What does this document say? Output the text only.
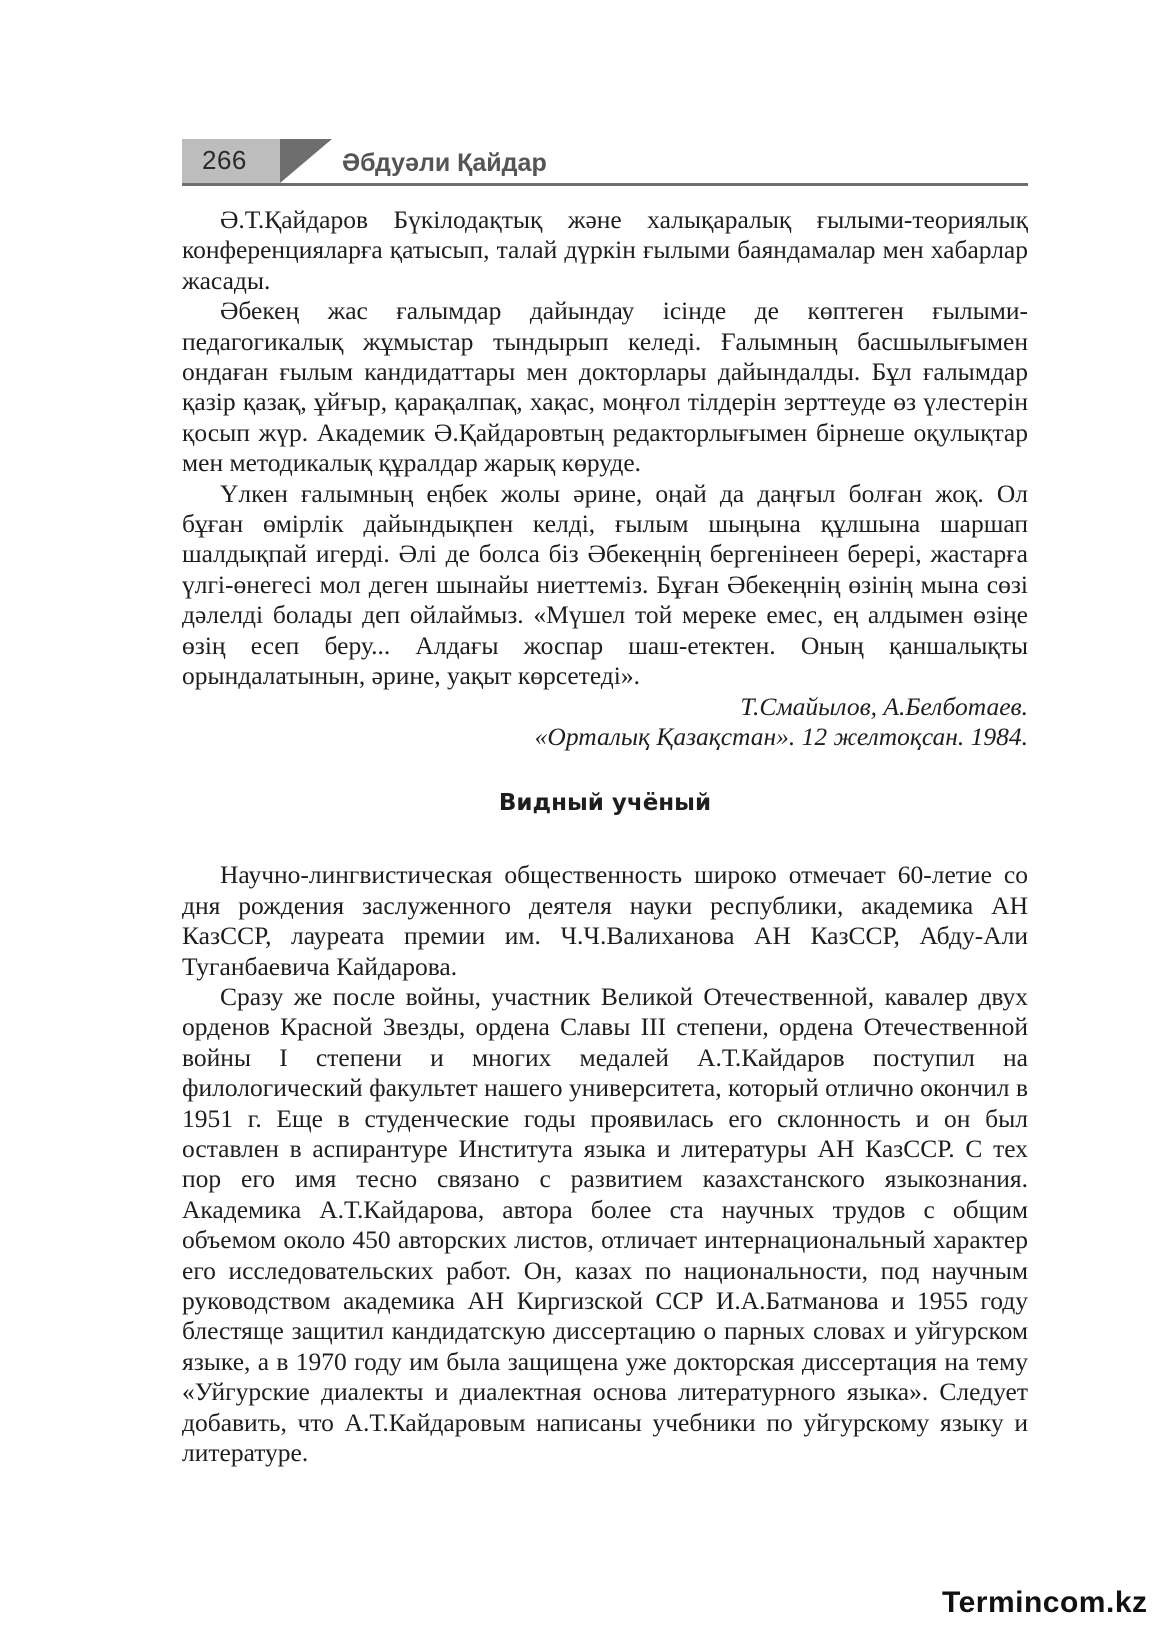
266	Әбдуәли Қайдар

Ә.Т.Қайдаров Бүкілодақтық және халықаралық ғылыми-теориялық конференцияларға қатысып, талай дүркін ғылыми баяндамалар мен хабарлар жасады.

Әбекең жас ғалымдар дайындау ісінде де көптеген ғылыми-педагогикалық жұмыстар тындырып келеді. Ғалымның басшылығымен ондаған ғылым кандидаттары мен докторлары дайындалды. Бұл ғалымдар қазір қазақ, ұйғыр, қарақалпақ, хақас, моңғол тілдерін зерттеуде өз үлестерін қосып жүр. Академик Ә.Қайдаровтың редакторлығымен бірнеше оқулықтар мен методикалық құралдар жарық көруде.

Үлкен ғалымның еңбек жолы әрине, оңай да даңғыл болған жоқ. Ол бұған өмірлік дайындықпен келді, ғылым шыңына құлшына шаршап шалдықпай игерді. Әлі де болса біз Әбекеңнің бергенінеен берері, жастарға үлгі-өнегесі мол деген шынайы ниеттеміз. Бұған Әбекеңнің өзінің мына сөзі дәлелді болады деп ойлаймыз. «Мүшел той мереке емес, ең алдымен өзіңе өзің есеп беру... Алдағы жоспар шаш-етектен. Оның қаншалықты орындалатынын, әрине, уақыт көрсетеді».

Т.Смайылов, А.Белботаев.

«Орталық Қазақстан». 12 желтоқсан. 1984.

Видный учёный

Научно-лингвистическая общественность широко отмечает 60-летие со дня рождения заслуженного деятеля науки республики, академика АН КазССР, лауреата премии им. Ч.Ч.Валиханова АН КазССР, Абду-Али Туганбаевича Кайдарова.

Сразу же после войны, участник Великой Отечественной, кавалер двух орденов Красной Звезды, ордена Славы III степени, ордена Отечественной войны I степени и многих медалей А.Т.Кайдаров поступил на филологический факультет нашего университета, который отлично окончил в 1951 г. Еще в студенческие годы проявилась его склонность и он был оставлен в аспирантуре Института языка и литературы АН КазССР. С тех пор его имя тесно связано с развитием казахстанского языкознания. Академика А.Т.Кайдарова, автора более ста научных трудов с общим объемом около 450 авторских листов, отличает интернациональный характер его исследовательских работ. Он, казах по национальности, под научным руководством академика АН Киргизской ССР И.А.Батманова и 1955 году блестяще защитил кандидатскую диссертацию о парных словах и уйгурском языке, а в 1970 году им была защищена уже докторская диссертация на тему «Уйгурские диалекты и диалектная основа литературного языка». Следует добавить, что А.Т.Кайдаровым написаны учебники по уйгурскому языку и литературе.

Termincom.kz
